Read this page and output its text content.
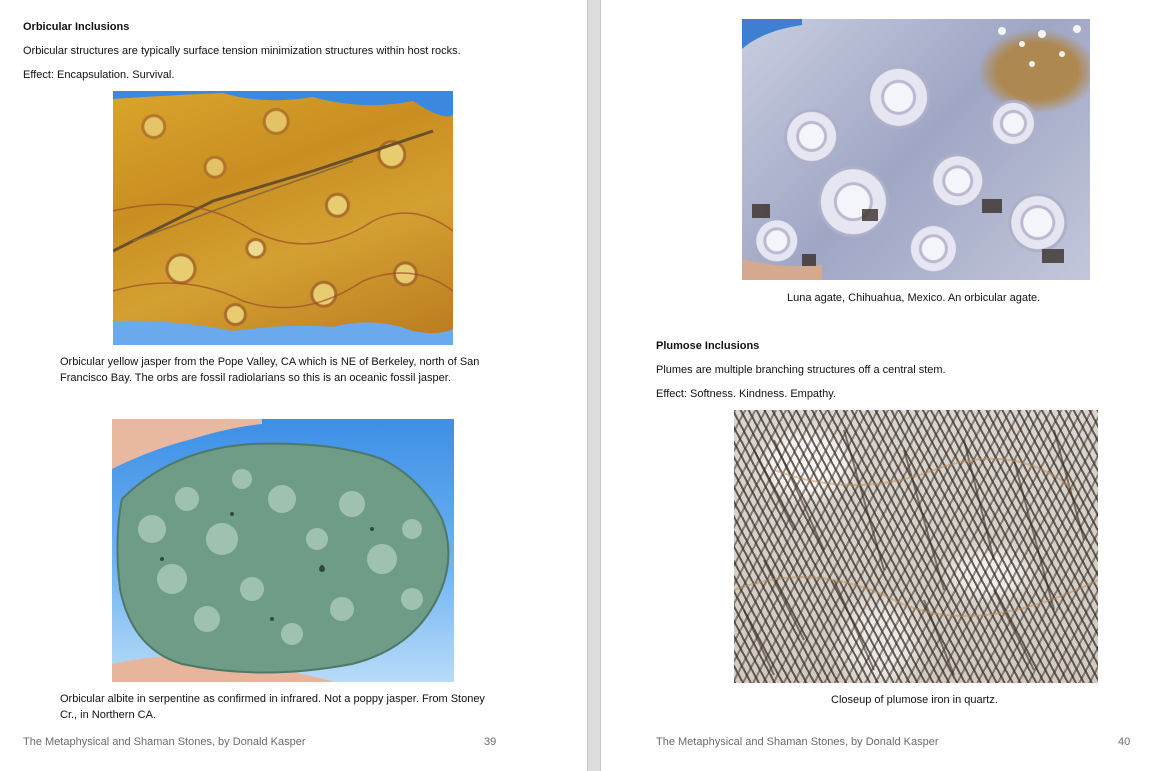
Orbicular Inclusions
Orbicular structures are typically surface tension minimization structures within host rocks.
Effect: Encapsulation. Survival.
Orbicular yellow jasper from the Pope Valley, CA which is NE of Berkeley, north of San
Francisco Bay. The orbs are fossil radiolarians so this is an oceanic fossil jasper.
Orbicular albite in serpentine as confirmed in infrared. Not a poppy jasper. From Stoney
Cr., in Northern CA.
The Metaphysical and Shaman Stones, by Donald Kasper	39
Luna agate, Chihuahua, Mexico. An orbicular agate.
Plumose Inclusions
Plumes are multiple branching structures off a central stem.
Effect: Softness. Kindness. Empathy.
Closeup of plumose iron in quartz.
The Metaphysical and Shaman Stones, by Donald Kasper	40
